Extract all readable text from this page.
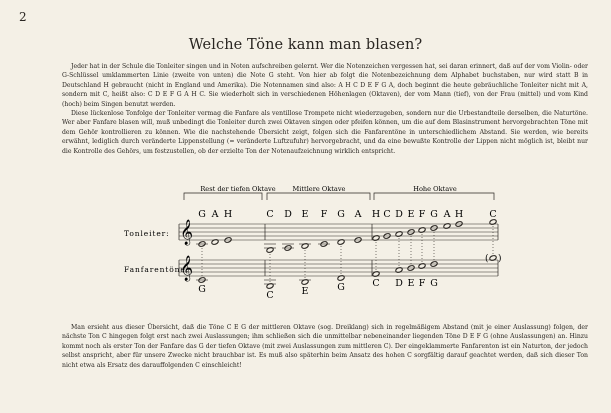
2
Welche Töne kann man blasen?

Jeder hat in der Schule die Tonleiter singen und in Noten aufschreiben gelernt. Wer die Notenzeichen vergessen hat, sei daran erinnert, daß auf der vom Violin- oder G-Schlüssel umklammerten Linie (zweite von unten) die Note G steht. Von hier ab folgt die Notenbezeichnung dem Alphabet buchstaben, nur wird statt B in Deutschland H gebraucht (nicht in England und Amerika). Die Notennamen sind also: A H C D E F G A, doch beginnt die heute gebräuchliche Tonleiter nicht mit A, sondern mit C, heißt also: C D E F G A H C. Sie wiederholt sich in verschiedenen Höhenlagen (Oktaven), der vom Mann (tief), von der Frau (mittel) und vom Kind (hoch) beim Singen benutzt werden.

Diese lückenlose Tonfolge der Tonleiter vermag die Fanfare als ventillose Trompete nicht wiederzugeben, sondern nur die Urbestandteile derselben, die Naturtöne. Wer aber Fanfare blasen will, muß unbedingt die Tonleiter durch zwei Oktaven singen oder pfeifen können, um die auf dem Blasinstrument hervorgebrachten Töne mit dem Gehör kontrollieren zu können. Wie die nachstehende Übersicht zeigt, folgen sich die Fanfarentöne in unterschiedlichem Abstand. Sie werden, wie bereits erwähnt, lediglich durch veränderte Lippenstellung (= veränderte Luftzufuhr) hervorgebracht, und da eine bewußte Kontrolle der Lippen nicht möglich ist, bleibt nur die Kontrolle des Gehörs, um festzustellen, ob der erzielte Ton der Notenaufzeichnung wirklich entspricht.

Rest der tiefen Oktave	Mittlere Oktave	Hohe Oktave
Tonleiter:
Fanfarentöne:
𝄞
G A H	C D E F G A H C D E F G A H	C
𝄞
G
C	E	G	C D E F G
( )

Man ersieht aus dieser Übersicht, daß die Töne C E G der mittleren Oktave (sog. Dreiklang) sich in regelmäßigem Abstand (mit je einer Auslassung) folgen, der nächste Ton C hingegen folgt erst nach zwei Auslassungen; ihm schließen sich die unmittelbar nebeneinander liegenden Töne D E F G (ohne Auslassungen) an. Hinzu kommt noch als erster Ton der Fanfare das G der tiefen Oktave (mit zwei Auslassungen zum mittleren C). Der eingeklammerte Fanfarenton ist ein Naturton, der jedoch selbst anspricht, aber für unsere Zwecke nicht brauchbar ist. Es muß also späterhin beim Ansatz des hohen C sorgfältig darauf geachtet werden, daß sich dieser Ton nicht etwa als Ersatz des darauffolgenden C einschleicht!
